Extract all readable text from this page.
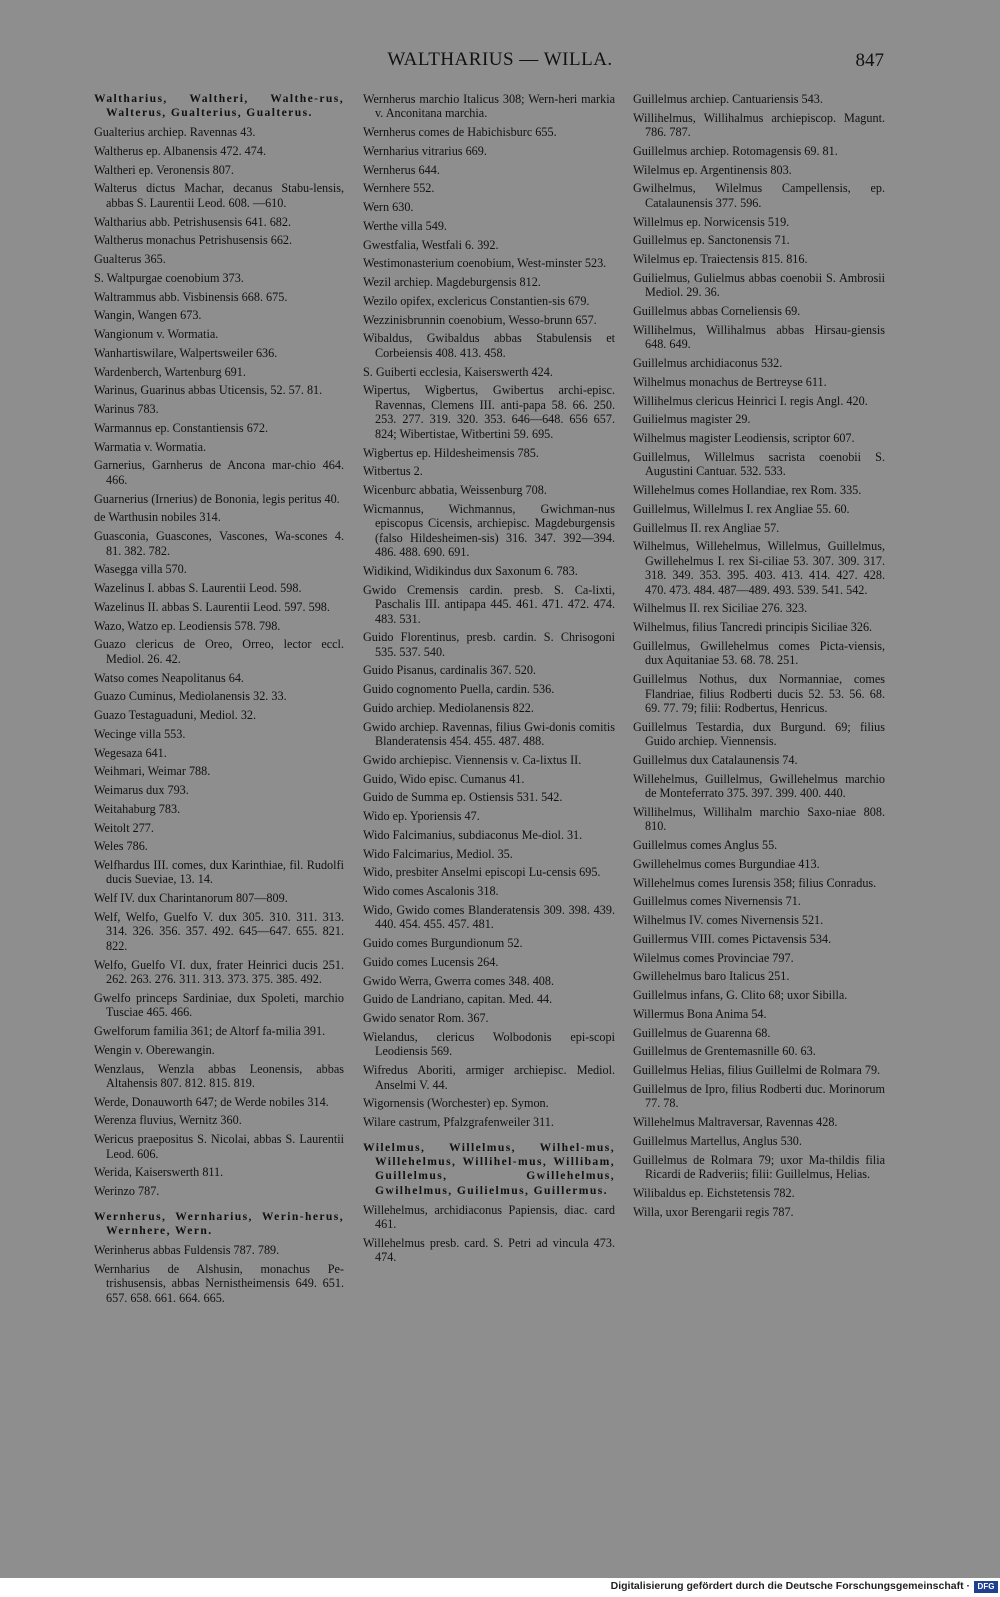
WALTHARIUS — WILLA.	847
Waltharius, Waltheri, Walthe-rus, Walterus, Gualterius, Gualterus.
Gualterius archiep. Ravennas 43.
Waltherus ep. Albanensis 472. 474.
Waltheri ep. Veronensis 807.
Walterus dictus Machar, decanus Stabu-lensis, abbas S. Laurentii Leod. 608. —610.
Waltharius abb. Petrishusensis 641. 682.
Waltherus monachus Petrishusensis 662.
Gualterus 365.
S. Waltpurgae coenobium 373.
Waltrammus abb. Visbinensis 668. 675.
Wangin, Wangen 673.
Wangionum v. Wormatia.
Wanhartiswilare, Walpertsweiler 636.
Wardenberch, Wartenburg 691.
Warinus, Guarinus abbas Uticensis, 52. 57. 81.
Warinus 783.
Warmannus ep. Constantiensis 672.
Warmatia v. Wormatia.
Garnerius, Garnherus de Ancona mar-chio 464. 466.
Guarnerius (Irnerius) de Bononia, legis peritus 40.
de Warthusin nobiles 314.
Guasconia, Guascones, Vascones, Wa-scones 4. 81. 382. 782.
Wasegga villa 570.
Wazelinus I. abbas S. Laurentii Leod. 598.
Wazelinus II. abbas S. Laurentii Leod. 597. 598.
Wazo, Watzo ep. Leodiensis 578. 798.
Guazo clericus de Oreo, Orreo, lector eccl. Mediol. 26. 42.
Watso comes Neapolitanus 64.
Guazo Cuminus, Mediolanensis 32. 33.
Guazo Testaguaduni, Mediol. 32.
Wecinge villa 553.
Wegesaza 641.
Weihmari, Weimar 788.
Weimarus dux 793.
Weitahaburg 783.
Weitolt 277.
Weles 786.
Welfhardus III. comes, dux Karinthiae, fil. Rudolfi ducis Sueviae, 13. 14.
Welf IV. dux Charintanorum 807—809.
Welf, Welfo, Guelfo V. dux 305. 310. 311. 313. 314. 326. 356. 357. 492. 645—647. 655. 821. 822.
Welfo, Guelfo VI. dux, frater Heinrici ducis 251. 262. 263. 276. 311. 313. 373. 375. 385. 492.
Gwelfo princeps Sardiniae, dux Spoleti, marchio Tusciae 465. 466.
Gwelforum familia 361; de Altorf fa-milia 391.
Wengin v. Oberewangin.
Wenzlaus, Wenzla abbas Leonensis, abbas Altahensis 807. 812. 815. 819.
Werde, Donauworth 647; de Werde nobiles 314.
Werenza fluvius, Wernitz 360.
Wericus praepositus S. Nicolai, abbas S. Laurentii Leod. 606.
Werida, Kaiserswerth 811.
Werinzo 787.
Wernherus, Wernharius, Werin-herus, Wernhere, Wern.
Werinherus abbas Fuldensis 787. 789.
Wernharius de Alshusin, monachus Pe-trishusensis, abbas Nernistheimensis 649. 651. 657. 658. 661. 664. 665.
Wernherus marchio Italicus 308; Wern-heri markia v. Anconitana marchia.
Wernherus comes de Habichisburc 655.
Wernharius vitrarius 669.
Wernherus 644.
Wernhere 552.
Wern 630.
Werthe villa 549.
Gwestfalia, Westfali 6. 392.
Westimonasterium coenobium, West-minster 523.
Wezil archiep. Magdeburgensis 812.
Wezilo opifex, exclericus Constantien-sis 679.
Wezzinisbrunnin coenobium, Wesso-brunn 657.
Wibaldus, Gwibaldus abbas Stabulensis et Corbeiensis 408. 413. 458.
S. Guiberti ecclesia, Kaiserswerth 424.
Wipertus, Wigbertus, Gwibertus archi-episc. Ravennas, Clemens III. anti-papa 58. 66. 250. 253. 277. 319. 320. 353. 646—648. 656 657. 824; Wibertistae, Witbertini 59. 695.
Wigbertus ep. Hildesheimensis 785.
Witbertus 2.
Wicenburc abbatia, Weissenburg 708.
Wicmannus, Wichmannus, Gwichman-nus episcopus Cicensis, archiepisc. Magdeburgensis (falso Hildesheimen-sis) 316. 347. 392—394. 486. 488. 690. 691.
Widikind, Widikindus dux Saxonum 6. 783.
Gwido Cremensis cardin. presb. S. Ca-lixti, Paschalis III. antipapa 445. 461. 471. 472. 474. 483. 531.
Guido Florentinus, presb. cardin. S. Chrisogoni 535. 537. 540.
Guido Pisanus, cardinalis 367. 520.
Guido cognomento Puella, cardin. 536.
Guido archiep. Mediolanensis 822.
Gwido archiep. Ravennas, filius Gwi-donis comitis Blanderatensis 454. 455. 487. 488.
Gwido archiepisc. Viennensis v. Ca-lixtus II.
Guido, Wido episc. Cumanus 41.
Guido de Summa ep. Ostiensis 531. 542.
Wido ep. Yporiensis 47.
Wido Falcimanius, subdiaconus Me-diol. 31.
Wido Falcimarius, Mediol. 35.
Wido, presbiter Anselmi episcopi Lu-censis 695.
Wido comes Ascalonis 318.
Wido, Gwido comes Blanderatensis 309. 398. 439. 440. 454. 455. 457. 481.
Guido comes Burgundionum 52.
Guido comes Lucensis 264.
Gwido Werra, Gwerra comes 348. 408.
Guido de Landriano, capitan. Med. 44.
Gwido senator Rom. 367.
Wielandus, clericus Wolbodonis epi-scopi Leodiensis 569.
Wifredus Aboriti, armiger archiepisc. Mediol. Anselmi V. 44.
Wigornensis (Worchester) ep. Symon.
Wilare castrum, Pfalzgrafenweiler 311.
Wilelmus, Willelmus, Wilhel-mus, Willehelmus, Willihel-mus, Willibam, Guillelmus, Gwillehelmus, Gwilhelmus, Guilielmus, Guillermus.
Willehelmus, archidiaconus Papiensis, diac. card 461.
Willehelmus presb. card. S. Petri ad vincula 473. 474.
Guillelmus archiep. Cantuariensis 543.
Willihelmus, Willihalmus archiepiscop. Magunt. 786. 787.
Guillelmus archiep. Rotomagensis 69. 81.
Wilelmus ep. Argentinensis 803.
Gwilhelmus, Wilelmus Campellensis, ep. Catalaunensis 377. 596.
Willelmus ep. Norwicensis 519.
Guillelmus ep. Sanctonensis 71.
Wilelmus ep. Traiectensis 815. 816.
Guilielmus, Gulielmus abbas coenobii S. Ambrosii Mediol. 29. 36.
Guillelmus abbas Corneliensis 69.
Willihelmus, Willihalmus abbas Hirsau-giensis 648. 649.
Guillelmus archidiaconus 532.
Wilhelmus monachus de Bertreyse 611.
Willihelmus clericus Heinrici I. regis Angl. 420.
Guilielmus magister 29.
Wilhelmus magister Leodiensis, scriptor 607.
Guillelmus, Willelmus sacrista coenobii S. Augustini Cantuar. 532. 533.
Willehelmus comes Hollandiae, rex Rom. 335.
Guillelmus, Willelmus I. rex Angliae 55. 60.
Guillelmus II. rex Angliae 57.
Wilhelmus, Willehelmus, Willelmus, Guillelmus, Gwillehelmus I. rex Si-ciliae 53. 307. 309. 317. 318. 349. 353. 395. 403. 413. 414. 427. 428. 470. 473. 484. 487—489. 493. 539. 541. 542.
Wilhelmus II. rex Siciliae 276. 323.
Wilhelmus, filius Tancredi principis Siciliae 326.
Guillelmus, Gwillehelmus comes Picta-viensis, dux Aquitaniae 53. 68. 78. 251.
Guillelmus Nothus, dux Normanniae, comes Flandriae, filius Rodberti ducis 52. 53. 56. 68. 69. 77. 79; filii: Rodbertus, Henricus.
Guillelmus Testardia, dux Burgund. 69; filius Guido archiep. Viennensis.
Guillelmus dux Catalaunensis 74.
Willehelmus, Guillelmus, Gwillehelmus marchio de Monteferrato 375. 397. 399. 400. 440.
Willihelmus, Willihalm marchio Saxo-niae 808. 810.
Guillelmus comes Anglus 55.
Gwillehelmus comes Burgundiae 413.
Willehelmus comes Iurensis 358; filius Conradus.
Guillelmus comes Nivernensis 71.
Wilhelmus IV. comes Nivernensis 521.
Guillermus VIII. comes Pictavensis 534.
Wilelmus comes Provinciae 797.
Gwillehelmus baro Italicus 251.
Guillelmus infans, G. Clito 68; uxor Sibilla.
Willermus Bona Anima 54.
Guillelmus de Guarenna 68.
Guillelmus de Grentemasnille 60. 63.
Guillelmus Helias, filius Guillelmi de Rolmara 79.
Guillelmus de Ipro, filius Rodberti duc. Morinorum 77. 78.
Willehelmus Maltraversar, Ravennas 428.
Guillelmus Martellus, Anglus 530.
Guillelmus de Rolmara 79; uxor Ma-thildis filia Ricardi de Radveriis; filii: Guillelmus, Helias.
Wilibaldus ep. Eichstetensis 782.
Willa, uxor Berengarii regis 787.
Digitalisierung gefördert durch die Deutsche Forschungsgemeinschaft · DFG
